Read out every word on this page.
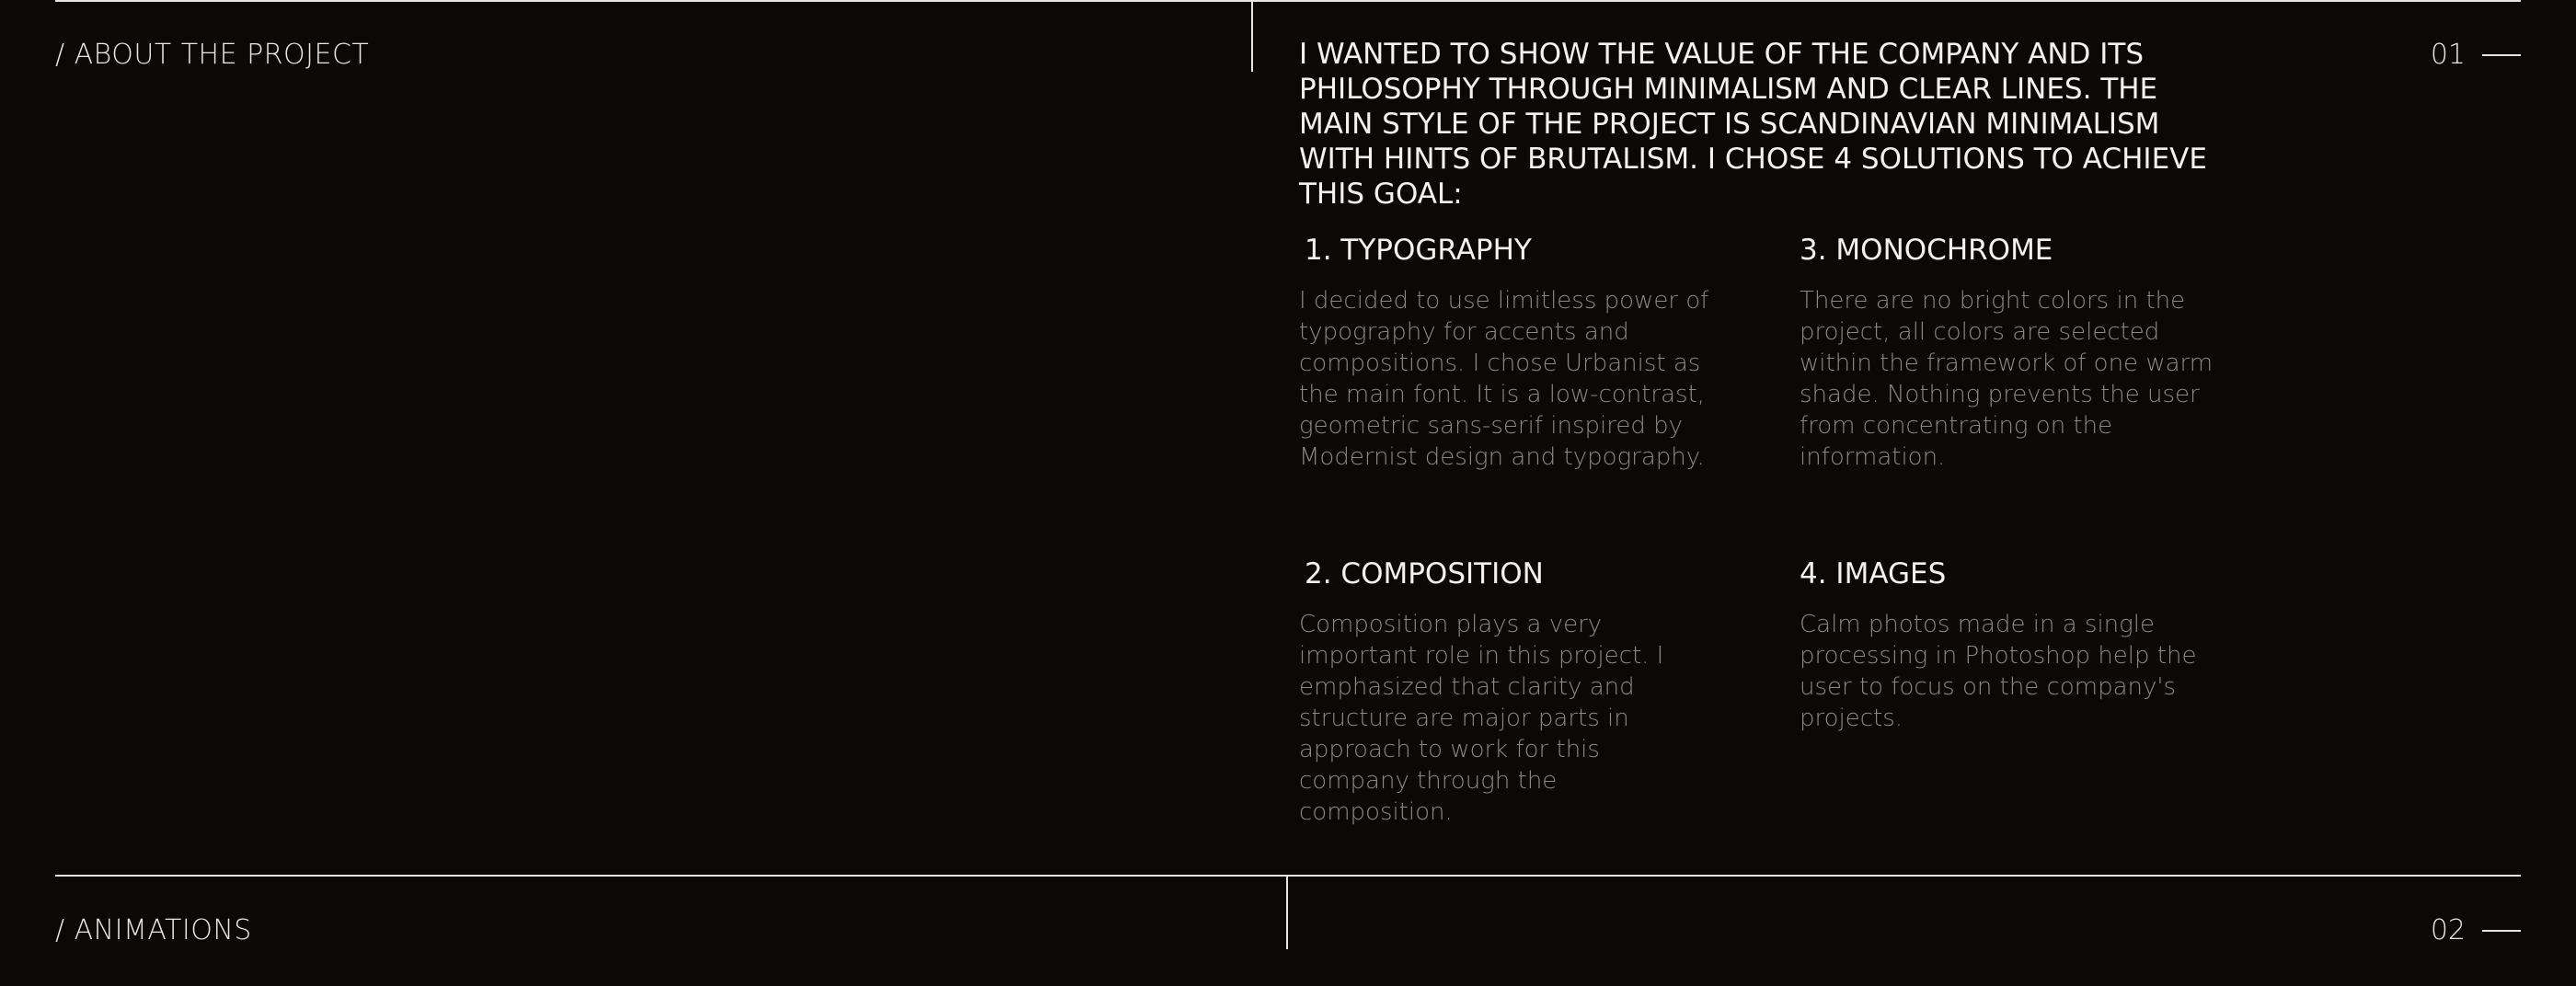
/ ABOUT THE PROJECT	01

I WANTED TO SHOW THE VALUE OF THE COMPANY AND ITS PHILOSOPHY THROUGH MINIMALISM AND CLEAR LINES. THE MAIN STYLE OF THE PROJECT IS SCANDINAVIAN MINIMALISM WITH HINTS OF BRUTALISM. I CHOSE 4 SOLUTIONS TO ACHIEVE THIS GOAL:

1. TYPOGRAPHY

I decided to use limitless power of typography for accents and compositions. I chose Urbanist as the main font. It is a low-contrast, geometric sans-serif inspired by Modernist design and typography.

2. COMPOSITION

Composition plays a very important role in this project. I emphasized that clarity and structure are major parts in approach to work for this company through the composition.

3. MONOCHROME

There are no bright colors in the project, all colors are selected within the framework of one warm shade. Nothing prevents the user from concentrating on the information.

4. IMAGES

Calm photos made in a single processing in Photoshop help the user to focus on the company's projects.

/ ANIMATIONS	02
